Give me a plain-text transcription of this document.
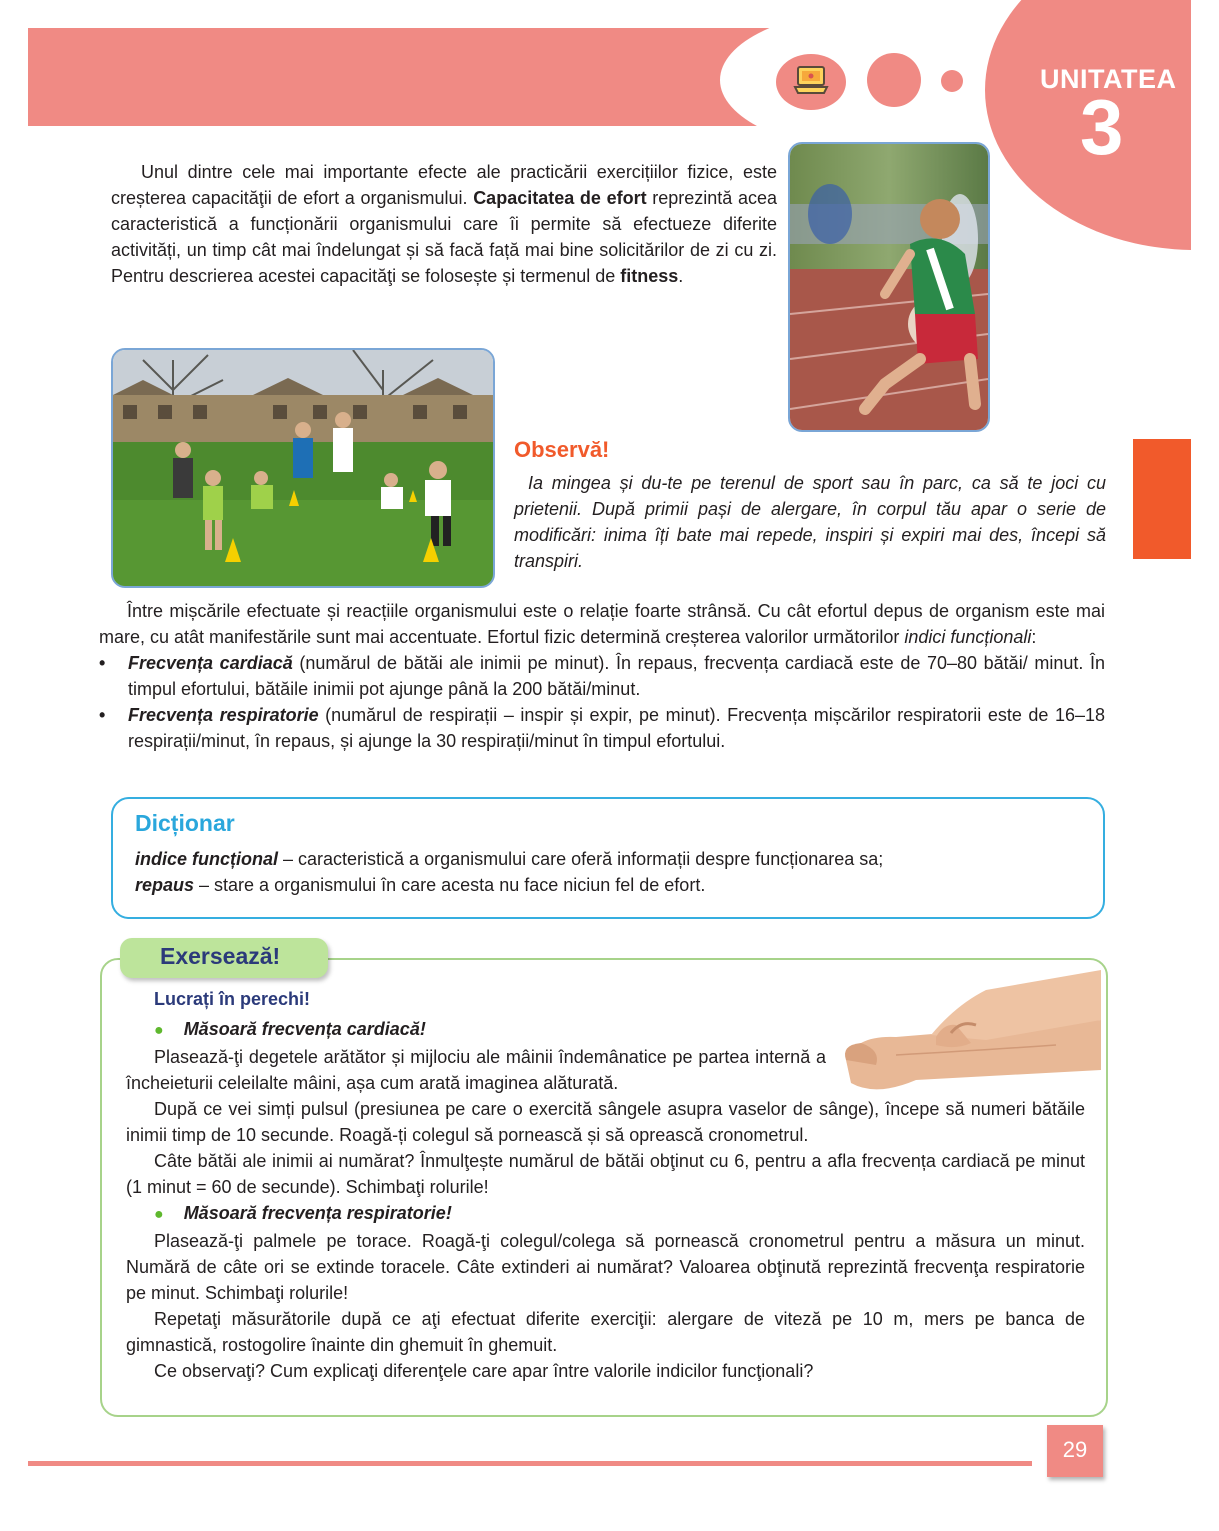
UNITATEA
3

Unul dintre cele mai importante efecte ale practicării exercițiilor fizice, este creșterea capacităţii de efort a organismului. Capacitatea de efort reprezintă acea caracteristică a funcționării organismului care îi permite să efectueze diferite activități, un timp cât mai îndelungat și să facă față mai bine solicitărilor de zi cu zi. Pentru descrierea acestei capacităţi se folosește și termenul de fitness.

Observă!

Ia mingea și du-te pe terenul de sport sau în parc, ca să te joci cu prietenii. După primii pași de alergare, în corpul tău apar o serie de modificări: inima îți bate mai repede, inspiri și expiri mai des, începi să transpiri.

Între mișcările efectuate și reacțiile organismului este o relație foarte strânsă. Cu cât efortul depus de organism este mai mare, cu atât manifestările sunt mai accentuate. Efortul fizic determină creșterea valorilor următorilor indici funcționali:

• Frecvența cardiacă (numărul de bătăi ale inimii pe minut). În repaus, frecvența cardiacă este de 70–80 bătăi/ minut. În timpul efortului, bătăile inimii pot ajunge până la 200 bătăi/minut.
• Frecvența respiratorie (numărul de respirații – inspir și expir, pe minut). Frecvența mișcărilor respiratorii este de 16–18 respirații/minut, în repaus, și ajunge la 30 respirații/minut în timpul efortului.
Dicționar

indice funcțional – caracteristică a organismului care oferă informații despre funcționarea sa;

repaus – stare a organismului în care acesta nu face niciun fel de efort.

Exersează!
Lucrați în perechi!

● Măsoară frecvența cardiacă!

Plasează-ţi degetele arătător și mijlociu ale mâinii îndemânatice pe partea internă a încheieturii celeilalte mâini, așa cum arată imaginea alăturată.

După ce vei simți pulsul (presiunea pe care o exercită sângele asupra vaselor de sânge), începe să numeri bătăile inimii timp de 10 secunde. Roagă-ți colegul să pornească și să oprească cronometrul.

Câte bătăi ale inimii ai numărat? Înmulţește numărul de bătăi obţinut cu 6, pentru a afla frecvența cardiacă pe minut (1 minut = 60 de secunde). Schimbaţi rolurile!

● Măsoară frecvența respiratorie!

Plasează-ţi palmele pe torace. Roagă-ţi colegul/colega să pornească cronometrul pentru a măsura un minut. Numără de câte ori se extinde toracele. Câte extinderi ai numărat? Valoarea obţinută reprezintă frecvenţa respiratorie pe minut. Schimbaţi rolurile!

Repetaţi măsurătorile după ce aţi efectuat diferite exerciţii: alergare de viteză pe 10 m, mers pe banca de gimnastică, rostogolire înainte din ghemuit în ghemuit.

Ce observaţi? Cum explicaţi diferenţele care apar între valorile indicilor funcţionali?

29
